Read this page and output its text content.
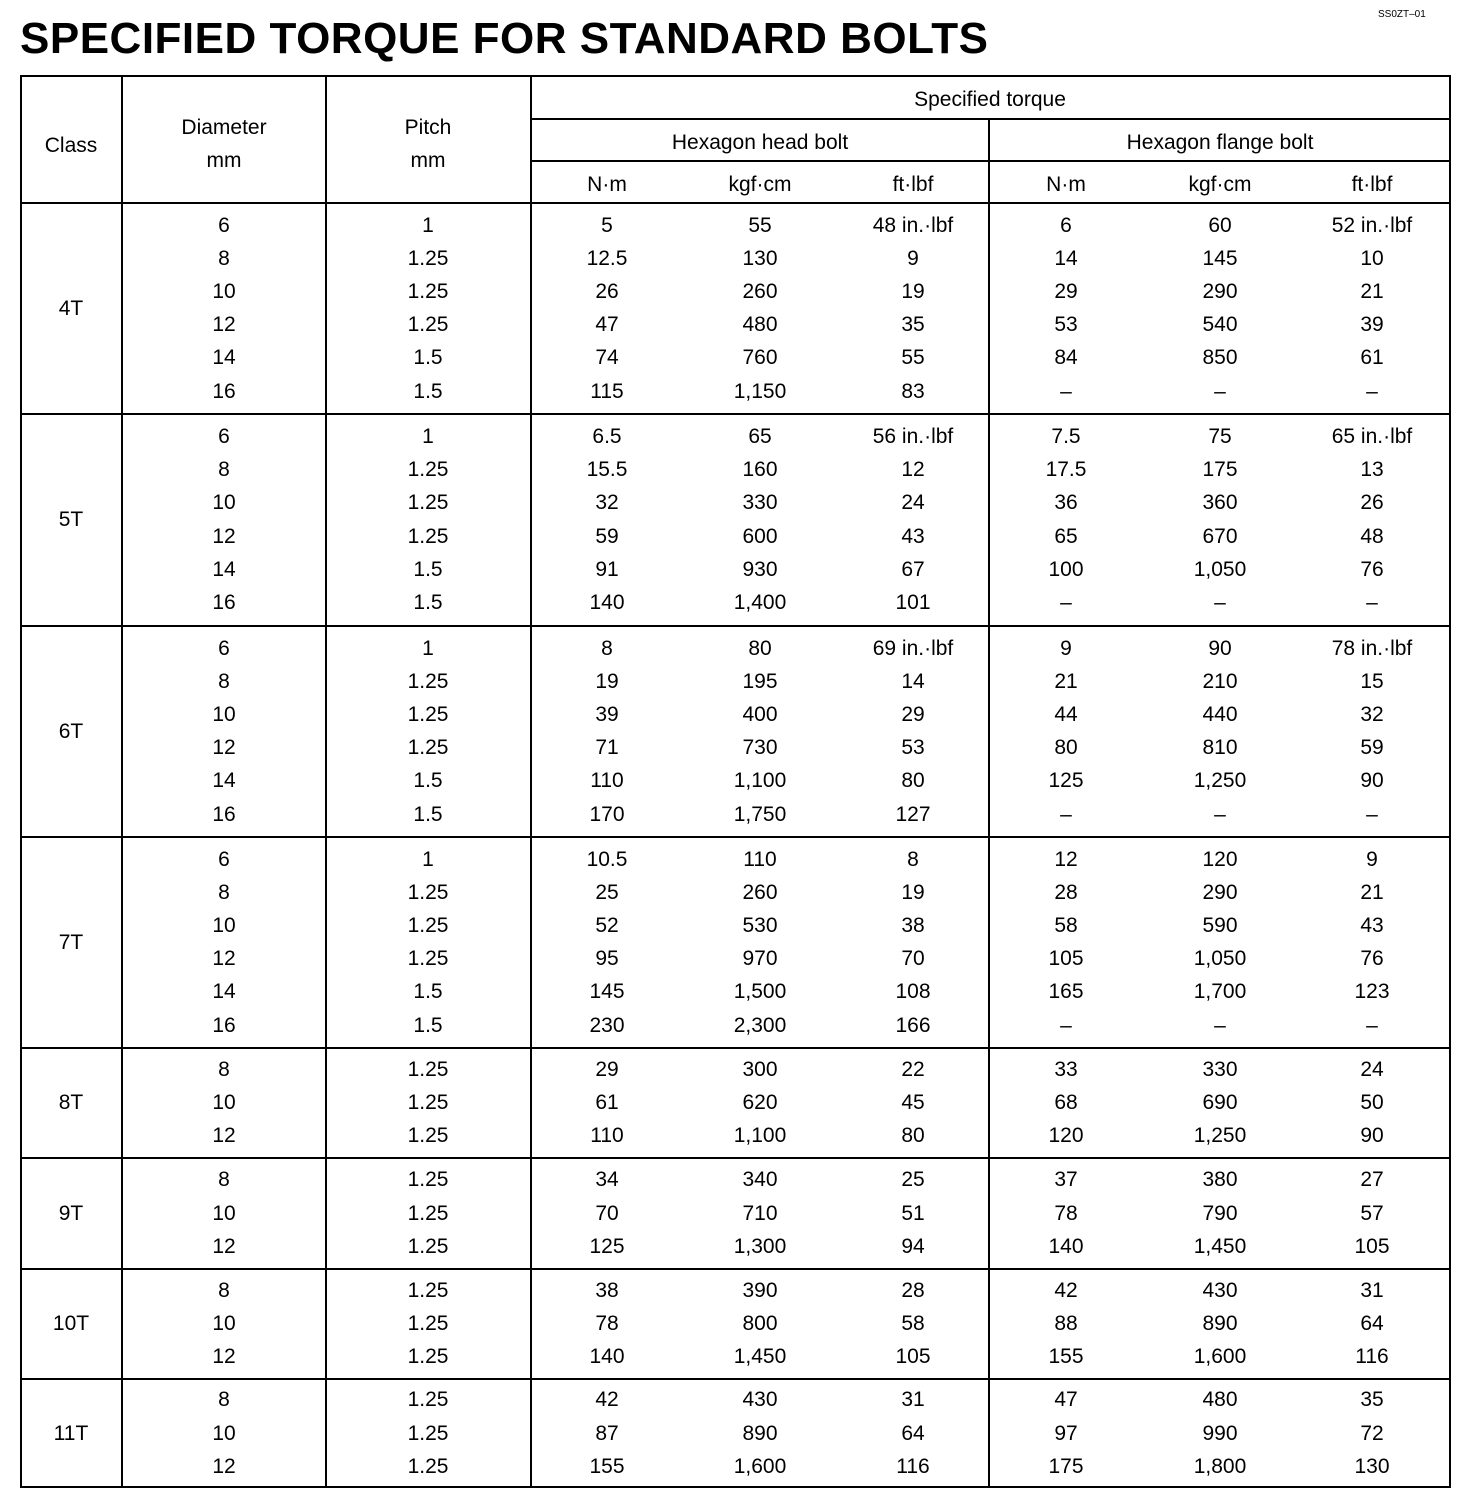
SPECIFIED TORQUE FOR STANDARD BOLTS	SS0ZT–01
Class
Diameter
mm
Pitch
mm
Specified torque
Hexagon head bolt	Hexagon flange bolt
N·m	kgf·cm	ft·lbf	N·m	kgf·cm	ft·lbf
4T
6	1	5	55	48 in.·lbf	6	60	52 in.·lbf
8	1.25	12.5	130	9	14	145	10
10	1.25	26	260	19	29	290	21
12	1.25	47	480	35	53	540	39
14	1.5	74	760	55	84	850	61
16	1.5	115	1,150	83	–	–	–
5T
6	1	6.5	65	56 in.·lbf	7.5	75	65 in.·lbf
8	1.25	15.5	160	12	17.5	175	13
10	1.25	32	330	24	36	360	26
12	1.25	59	600	43	65	670	48
14	1.5	91	930	67	100	1,050	76
16	1.5	140	1,400	101	–	–	–
6T
6	1	8	80	69 in.·lbf	9	90	78 in.·lbf
8	1.25	19	195	14	21	210	15
10	1.25	39	400	29	44	440	32
12	1.25	71	730	53	80	810	59
14	1.5	110	1,100	80	125	1,250	90
16	1.5	170	1,750	127	–	–	–
7T
6	1	10.5	110	8	12	120	9
8	1.25	25	260	19	28	290	21
10	1.25	52	530	38	58	590	43
12	1.25	95	970	70	105	1,050	76
14	1.5	145	1,500	108	165	1,700	123
16	1.5	230	2,300	166	–	–	–
8T
8	1.25	29	300	22	33	330	24
10	1.25	61	620	45	68	690	50
12	1.25	110	1,100	80	120	1,250	90
9T
8	1.25	34	340	25	37	380	27
10	1.25	70	710	51	78	790	57
12	1.25	125	1,300	94	140	1,450	105
10T
8	1.25	38	390	28	42	430	31
10	1.25	78	800	58	88	890	64
12	1.25	140	1,450	105	155	1,600	116
11T
8	1.25	42	430	31	47	480	35
10	1.25	87	890	64	97	990	72
12	1.25	155	1,600	116	175	1,800	130
